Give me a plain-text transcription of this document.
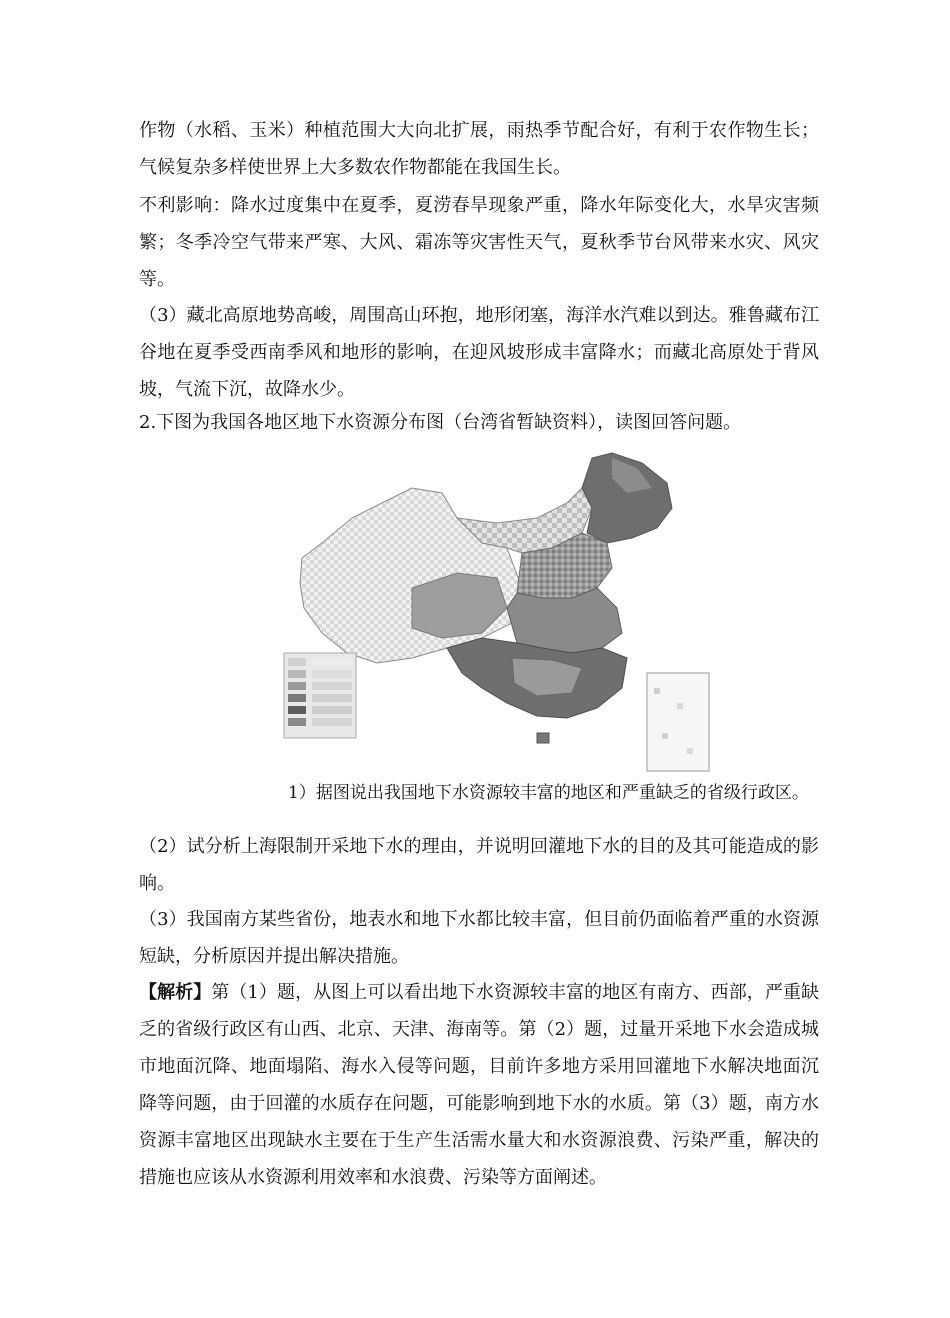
作物（水稻、玉米）种植范围大大向北扩展，雨热季节配合好，有利于农作物生长；气候复杂多样使世界上大多数农作物都能在我国生长。

不利影响：降水过度集中在夏季，夏涝春旱现象严重，降水年际变化大，水旱灾害频繁；冬季冷空气带来严寒、大风、霜冻等灾害性天气，夏秋季节台风带来水灾、风灾等。

（3）藏北高原地势高峻，周围高山环抱，地形闭塞，海洋水汽难以到达。雅鲁藏布江谷地在夏季受西南季风和地形的影响，在迎风坡形成丰富降水；而藏北高原处于背风坡，气流下沉，故降水少。

2.下图为我国各地区地下水资源分布图（台湾省暂缺资料），读图回答问题。

1）据图说出我国地下水资源较丰富的地区和严重缺乏的省级行政区。

（2）试分析上海限制开采地下水的理由，并说明回灌地下水的目的及其可能造成的影响。

（3）我国南方某些省份，地表水和地下水都比较丰富，但目前仍面临着严重的水资源短缺，分析原因并提出解决措施。

【解析】第（1）题，从图上可以看出地下水资源较丰富的地区有南方、西部，严重缺乏的省级行政区有山西、北京、天津、海南等。第（2）题，过量开采地下水会造成城市地面沉降、地面塌陷、海水入侵等问题，目前许多地方采用回灌地下水解决地面沉降等问题，由于回灌的水质存在问题，可能影响到地下水的水质。第（3）题，南方水资源丰富地区出现缺水主要在于生产生活需水量大和水资源浪费、污染严重，解决的措施也应该从水资源利用效率和水浪费、污染等方面阐述。
